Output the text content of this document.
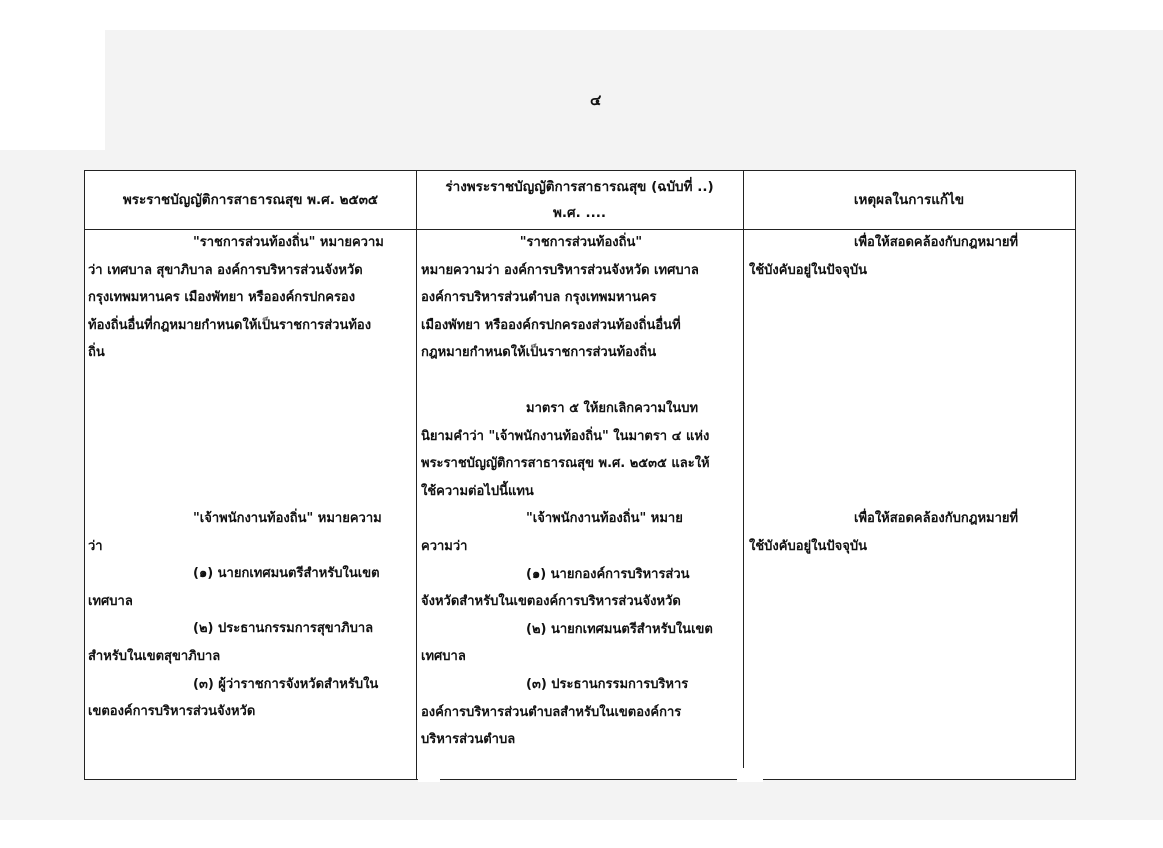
๔
พระราชบัญญัติการสาธารณสุข พ.ศ. ๒๕๓๕
ร่างพระราชบัญญัติการสาธารณสุข (ฉบับที่ ..)
พ.ศ. ....
เหตุผลในการแก้ไข
"ราชการส่วนท้องถิ่น" หมายความ
ว่า เทศบาล สุขาภิบาล องค์การบริหารส่วนจังหวัด
กรุงเทพมหานคร เมืองพัทยา หรือองค์กรปกครอง
ท้องถิ่นอื่นที่กฎหมายกำหนดให้เป็นราชการส่วนท้อง
ถิ่น
"เจ้าพนักงานท้องถิ่น" หมายความ
ว่า
(๑) นายกเทศมนตรีสำหรับในเขต
เทศบาล
(๒) ประธานกรรมการสุขาภิบาล
สำหรับในเขตสุขาภิบาล
(๓) ผู้ว่าราชการจังหวัดสำหรับใน
เขตองค์การบริหารส่วนจังหวัด
"ราชการส่วนท้องถิ่น"
หมายความว่า องค์การบริหารส่วนจังหวัด เทศบาล
องค์การบริหารส่วนตำบล กรุงเทพมหานคร
เมืองพัทยา หรือองค์กรปกครองส่วนท้องถิ่นอื่นที่
กฎหมายกำหนดให้เป็นราชการส่วนท้องถิ่น
มาตรา ๕ ให้ยกเลิกความในบท
นิยามคำว่า "เจ้าพนักงานท้องถิ่น" ในมาตรา ๔ แห่ง
พระราชบัญญัติการสาธารณสุข พ.ศ. ๒๕๓๕ และให้
ใช้ความต่อไปนี้แทน
"เจ้าพนักงานท้องถิ่น" หมาย
ความว่า
(๑) นายกองค์การบริหารส่วน
จังหวัดสำหรับในเขตองค์การบริหารส่วนจังหวัด
(๒) นายกเทศมนตรีสำหรับในเขต
เทศบาล
(๓) ประธานกรรมการบริหาร
องค์การบริหารส่วนตำบลสำหรับในเขตองค์การ
บริหารส่วนตำบล
เพื่อให้สอดคล้องกับกฎหมายที่
ใช้บังคับอยู่ในปัจจุบัน
เพื่อให้สอดคล้องกับกฎหมายที่
ใช้บังคับอยู่ในปัจจุบัน
